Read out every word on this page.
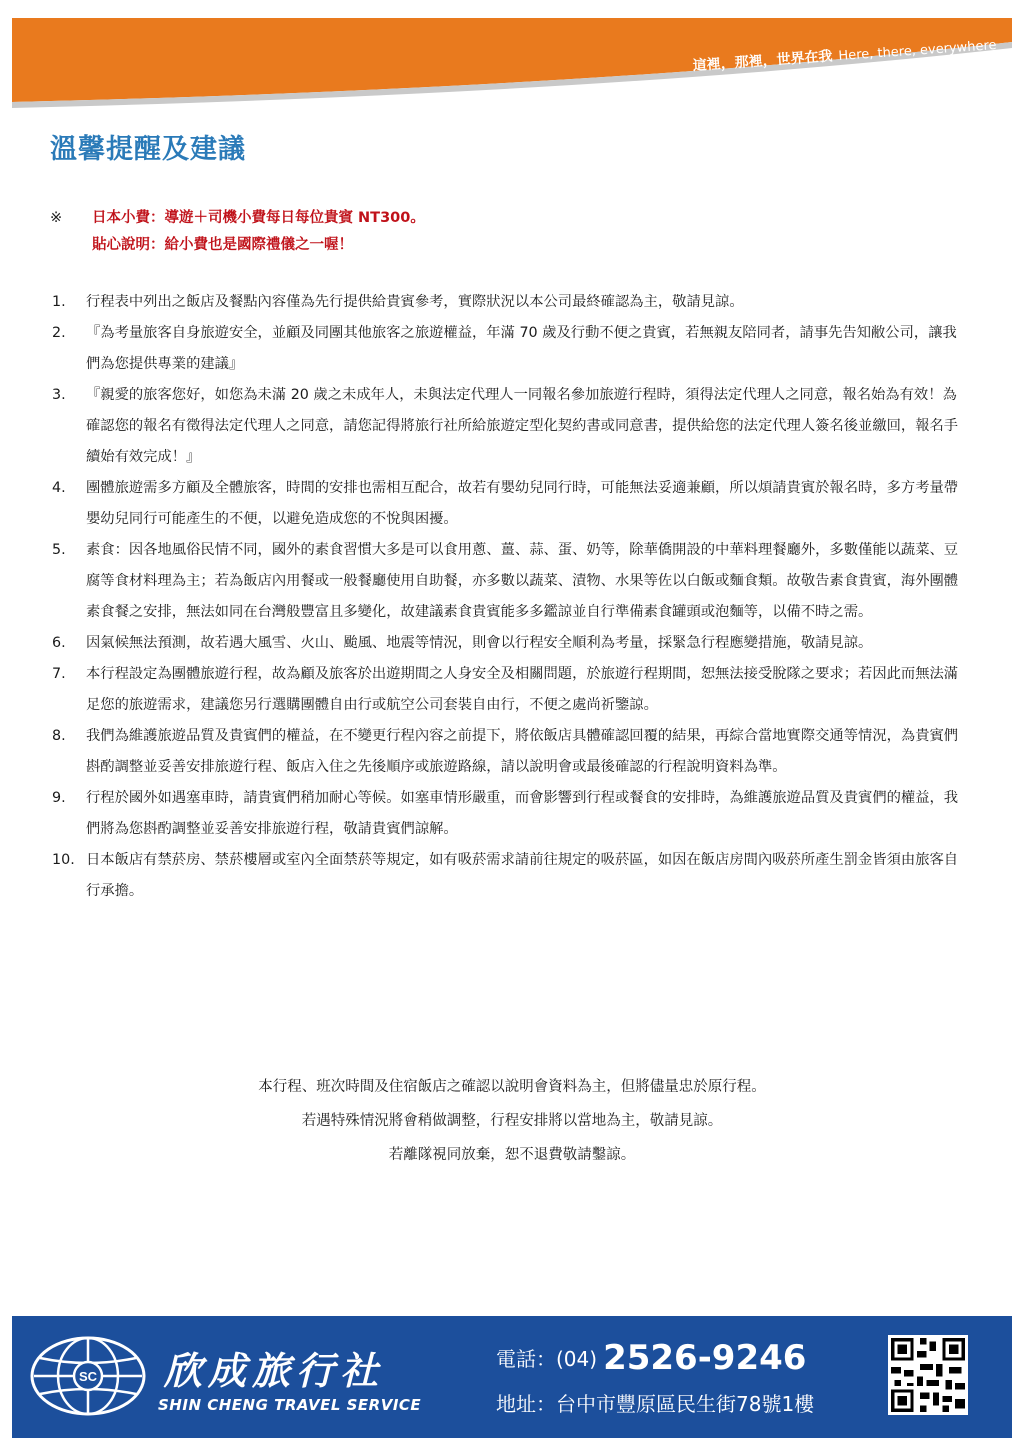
這裡，那裡，世界在我 Here, there, everywhere
溫馨提醒及建議
※ 日本小費：導遊＋司機小費每日每位貴賓 NT300。
貼心說明：給小費也是國際禮儀之一喔！
1. 行程表中列出之飯店及餐點內容僅為先行提供給貴賓參考，實際狀況以本公司最終確認為主，敬請見諒。
2. 『為考量旅客自身旅遊安全，並顧及同團其他旅客之旅遊權益，年滿 70 歲及行動不便之貴賓，若無親友陪同者，請事先告知敝公司，讓我們為您提供專業的建議』
3. 『親愛的旅客您好，如您為未滿 20 歲之未成年人，未與法定代理人一同報名參加旅遊行程時，須得法定代理人之同意，報名始為有效！為確認您的報名有徵得法定代理人之同意，請您記得將旅行社所給旅遊定型化契約書或同意書，提供給您的法定代理人簽名後並繳回，報名手續始有效完成！』
4. 團體旅遊需多方顧及全體旅客，時間的安排也需相互配合，故若有嬰幼兒同行時，可能無法妥適兼顧，所以煩請貴賓於報名時，多方考量帶嬰幼兒同行可能產生的不便，以避免造成您的不悅與困擾。
5. 素食：因各地風俗民情不同，國外的素食習慣大多是可以食用蔥、薑、蒜、蛋、奶等，除華僑開設的中華料理餐廳外，多數僅能以蔬菜、豆腐等食材料理為主；若為飯店內用餐或一般餐廳使用自助餐，亦多數以蔬菜、漬物、水果等佐以白飯或麵食類。故敬告素食貴賓，海外團體素食餐之安排，無法如同在台灣般豐富且多變化，故建議素食貴賓能多多鑑諒並自行準備素食罐頭或泡麵等，以備不時之需。
6. 因氣候無法預測，故若遇大風雪、火山、颱風、地震等情況，則會以行程安全順利為考量，採緊急行程應變措施，敬請見諒。
7. 本行程設定為團體旅遊行程，故為顧及旅客於出遊期間之人身安全及相關問題，於旅遊行程期間，恕無法接受脫隊之要求；若因此而無法滿足您的旅遊需求，建議您另行選購團體自由行或航空公司套裝自由行，不便之處尚祈鑒諒。
8. 我們為維護旅遊品質及貴賓們的權益，在不變更行程內容之前提下，將依飯店具體確認回覆的結果，再綜合當地實際交通等情況，為貴賓們斟酌調整並妥善安排旅遊行程、飯店入住之先後順序或旅遊路線，請以說明會或最後確認的行程說明資料為準。
9. 行程於國外如遇塞車時，請貴賓們稍加耐心等候。如塞車情形嚴重，而會影響到行程或餐食的安排時，為維護旅遊品質及貴賓們的權益，我們將為您斟酌調整並妥善安排旅遊行程，敬請貴賓們諒解。
10. 日本飯店有禁菸房、禁菸樓層或室內全面禁菸等規定，如有吸菸需求請前往規定的吸菸區，如因在飯店房間內吸菸所產生罰金皆須由旅客自行承擔。
本行程、班次時間及住宿飯店之確認以說明會資料為主，但將儘量忠於原行程。
若遇特殊情況將會稍做調整，行程安排將以當地為主，敬請見諒。
若離隊視同放棄，恕不退費敬請鑿諒。
SC 欣成旅行社
SHIN CHENG TRAVEL SERVICE
電話：(04) 2526-9246
地址：台中市豐原區民生街78號1樓
